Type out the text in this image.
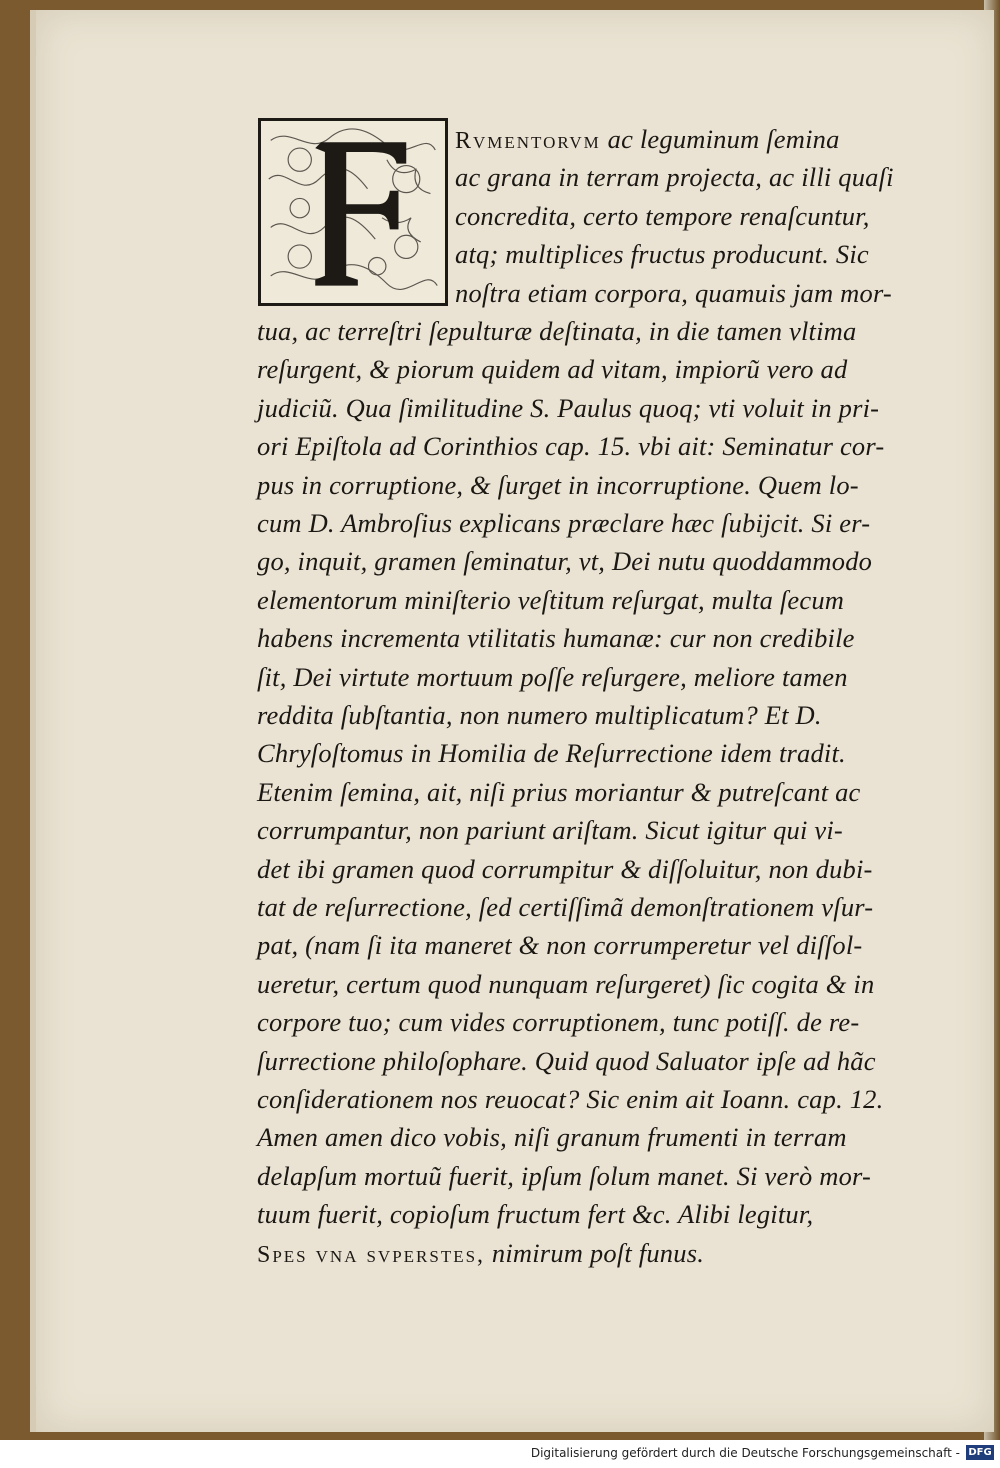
F
Rvmentorvm ac leguminum ſemina
ac grana in terram projecta, ac illi quaſi
concredita, certo tempore renaſcuntur,
atq; multiplices fructus producunt. Sic
noſtra etiam corpora, quamuis jam mor-
tua, ac terreſtri ſepulturæ deſtinata, in die tamen vltima
reſurgent, & piorum quidem ad vitam, impiorũ vero ad
judiciũ. Qua ſimilitudine S. Paulus quoq; vti voluit in pri-
ori Epiſtola ad Corinthios cap. 15. vbi ait: Seminatur cor-
pus in corruptione, & ſurget in incorruptione. Quem lo-
cum D. Ambroſius explicans præclare hæc ſubijcit. Si er-
go, inquit, gramen ſeminatur, vt, Dei nutu quoddammodo
elementorum miniſterio veſtitum reſurgat, multa ſecum
habens incrementa vtilitatis humanæ: cur non credibile
ſit, Dei virtute mortuum poſſe reſurgere, meliore tamen
reddita ſubſtantia, non numero multiplicatum? Et D.
Chryſoſtomus in Homilia de Reſurrectione idem tradit.
Etenim ſemina, ait, niſi prius moriantur & putreſcant ac
corrumpantur, non pariunt ariſtam. Sicut igitur qui vi-
det ibi gramen quod corrumpitur & diſſoluitur, non dubi-
tat de reſurrectione, ſed certiſſimã demonſtrationem vſur-
pat, (nam ſi ita maneret & non corrumperetur vel diſſol-
ueretur, certum quod nunquam reſurgeret) ſic cogita & in
corpore tuo; cum vides corruptionem, tunc potiſſ. de re-
ſurrectione philoſophare. Quid quod Saluator ipſe ad hãc
conſiderationem nos reuocat? Sic enim ait Ioann. cap. 12.
Amen amen dico vobis, niſi granum frumenti in terram
delapſum mortuũ fuerit, ipſum ſolum manet. Si verò mor-
tuum fuerit, copioſum fructum fert &c. Alibi legitur,
Spes vna svperstes, nimirum poſt funus.
Digitalisierung gefördert durch die Deutsche Forschungsgemeinschaft - DFG
